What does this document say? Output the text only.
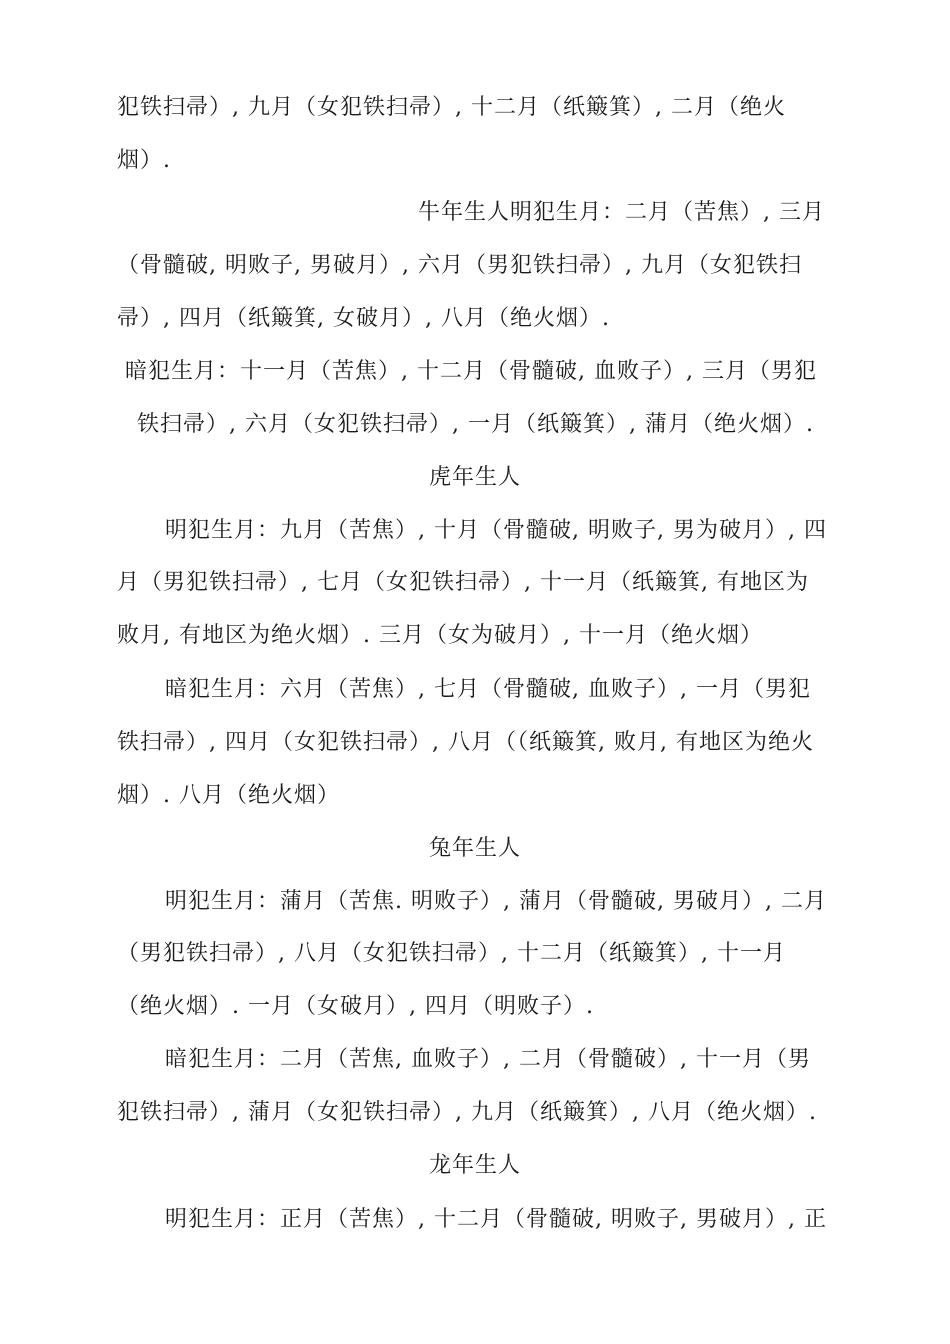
犯铁扫帚）, 九月（女犯铁扫帚）, 十二月（纸簸箕）, 二月（绝火
烟）.
牛年生人明犯生月：二月（苦焦）, 三月
（骨髓破, 明败子, 男破月）, 六月（男犯铁扫帚）, 九月（女犯铁扫
帚）, 四月（纸簸箕, 女破月）, 八月（绝火烟）.
暗犯生月：十一月（苦焦）, 十二月（骨髓破, 血败子）, 三月（男犯
铁扫帚）, 六月（女犯铁扫帚）, 一月（纸簸箕）, 蒲月（绝火烟）.
虎年生人
明犯生月：九月（苦焦）, 十月（骨髓破, 明败子, 男为破月）, 四
月（男犯铁扫帚）, 七月（女犯铁扫帚）, 十一月（纸簸箕, 有地区为
败月, 有地区为绝火烟）. 三月（女为破月）, 十一月（绝火烟）
暗犯生月：六月（苦焦）, 七月（骨髓破, 血败子）, 一月（男犯
铁扫帚）, 四月（女犯铁扫帚）, 八月（（纸簸箕, 败月, 有地区为绝火
烟）. 八月（绝火烟）
兔年生人
明犯生月：蒲月（苦焦. 明败子）, 蒲月（骨髓破, 男破月）, 二月
（男犯铁扫帚）, 八月（女犯铁扫帚）, 十二月（纸簸箕）, 十一月
（绝火烟）. 一月（女破月）, 四月（明败子）.
暗犯生月：二月（苦焦, 血败子）, 二月（骨髓破）, 十一月（男
犯铁扫帚）, 蒲月（女犯铁扫帚）, 九月（纸簸箕）, 八月（绝火烟）.
龙年生人
明犯生月：正月（苦焦）, 十二月（骨髓破, 明败子, 男破月）, 正
